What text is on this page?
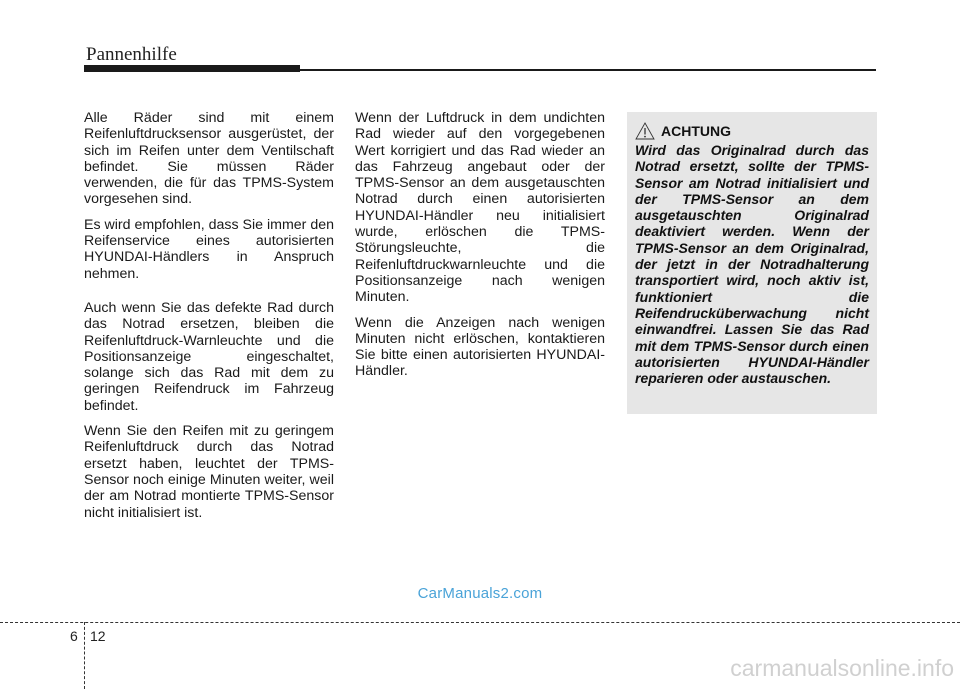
Pannenhilfe

Alle Räder sind mit einem Reifenluftdrucksensor ausgerüstet, der sich im Reifen unter dem Ventilschaft befindet. Sie müssen Räder verwenden, die für das TPMS-System vorgesehen sind.

Es wird empfohlen, dass Sie immer den Reifenservice eines autorisierten HYUNDAI-Händlers in Anspruch nehmen.

Auch wenn Sie das defekte Rad durch das Notrad ersetzen, bleiben die Reifenluftdruck-Warnleuchte und die Positionsanzeige eingeschaltet, solange sich das Rad mit dem zu geringen Reifendruck im Fahrzeug befindet.

Wenn Sie den Reifen mit zu geringem Reifenluftdruck durch das Notrad ersetzt haben, leuchtet der TPMS-Sensor noch einige Minuten weiter, weil der am Notrad montierte TPMS-Sensor nicht initialisiert ist.

Wenn der Luftdruck in dem undichten Rad wieder auf den vorgegebenen Wert korrigiert und das Rad wieder an das Fahrzeug angebaut oder der TPMS-Sensor an dem ausgetauschten Notrad durch einen autorisierten HYUNDAI-Händler neu initialisiert wurde, erlöschen die TPMS-Störungsleuchte, die Reifenluftdruckwarnleuchte und die Positionsanzeige nach wenigen Minuten.

Wenn die Anzeigen nach wenigen Minuten nicht erlöschen, kontaktieren Sie bitte einen autorisierten HYUNDAI-Händler.

ACHTUNG
Wird das Originalrad durch das Notrad ersetzt, sollte der TPMS-Sensor am Notrad initialisiert und der TPMS-Sensor an dem ausgetauschten Originalrad deaktiviert werden. Wenn der TPMS-Sensor an dem Originalrad, der jetzt in der Notradhalterung transportiert wird, noch aktiv ist, funktioniert die Reifendrucküberwachung nicht einwandfrei. Lassen Sie das Rad mit dem TPMS-Sensor durch einen autorisierten HYUNDAI-Händler reparieren oder austauschen.
CarManuals2.com
6 12
carmanualsonline.info
